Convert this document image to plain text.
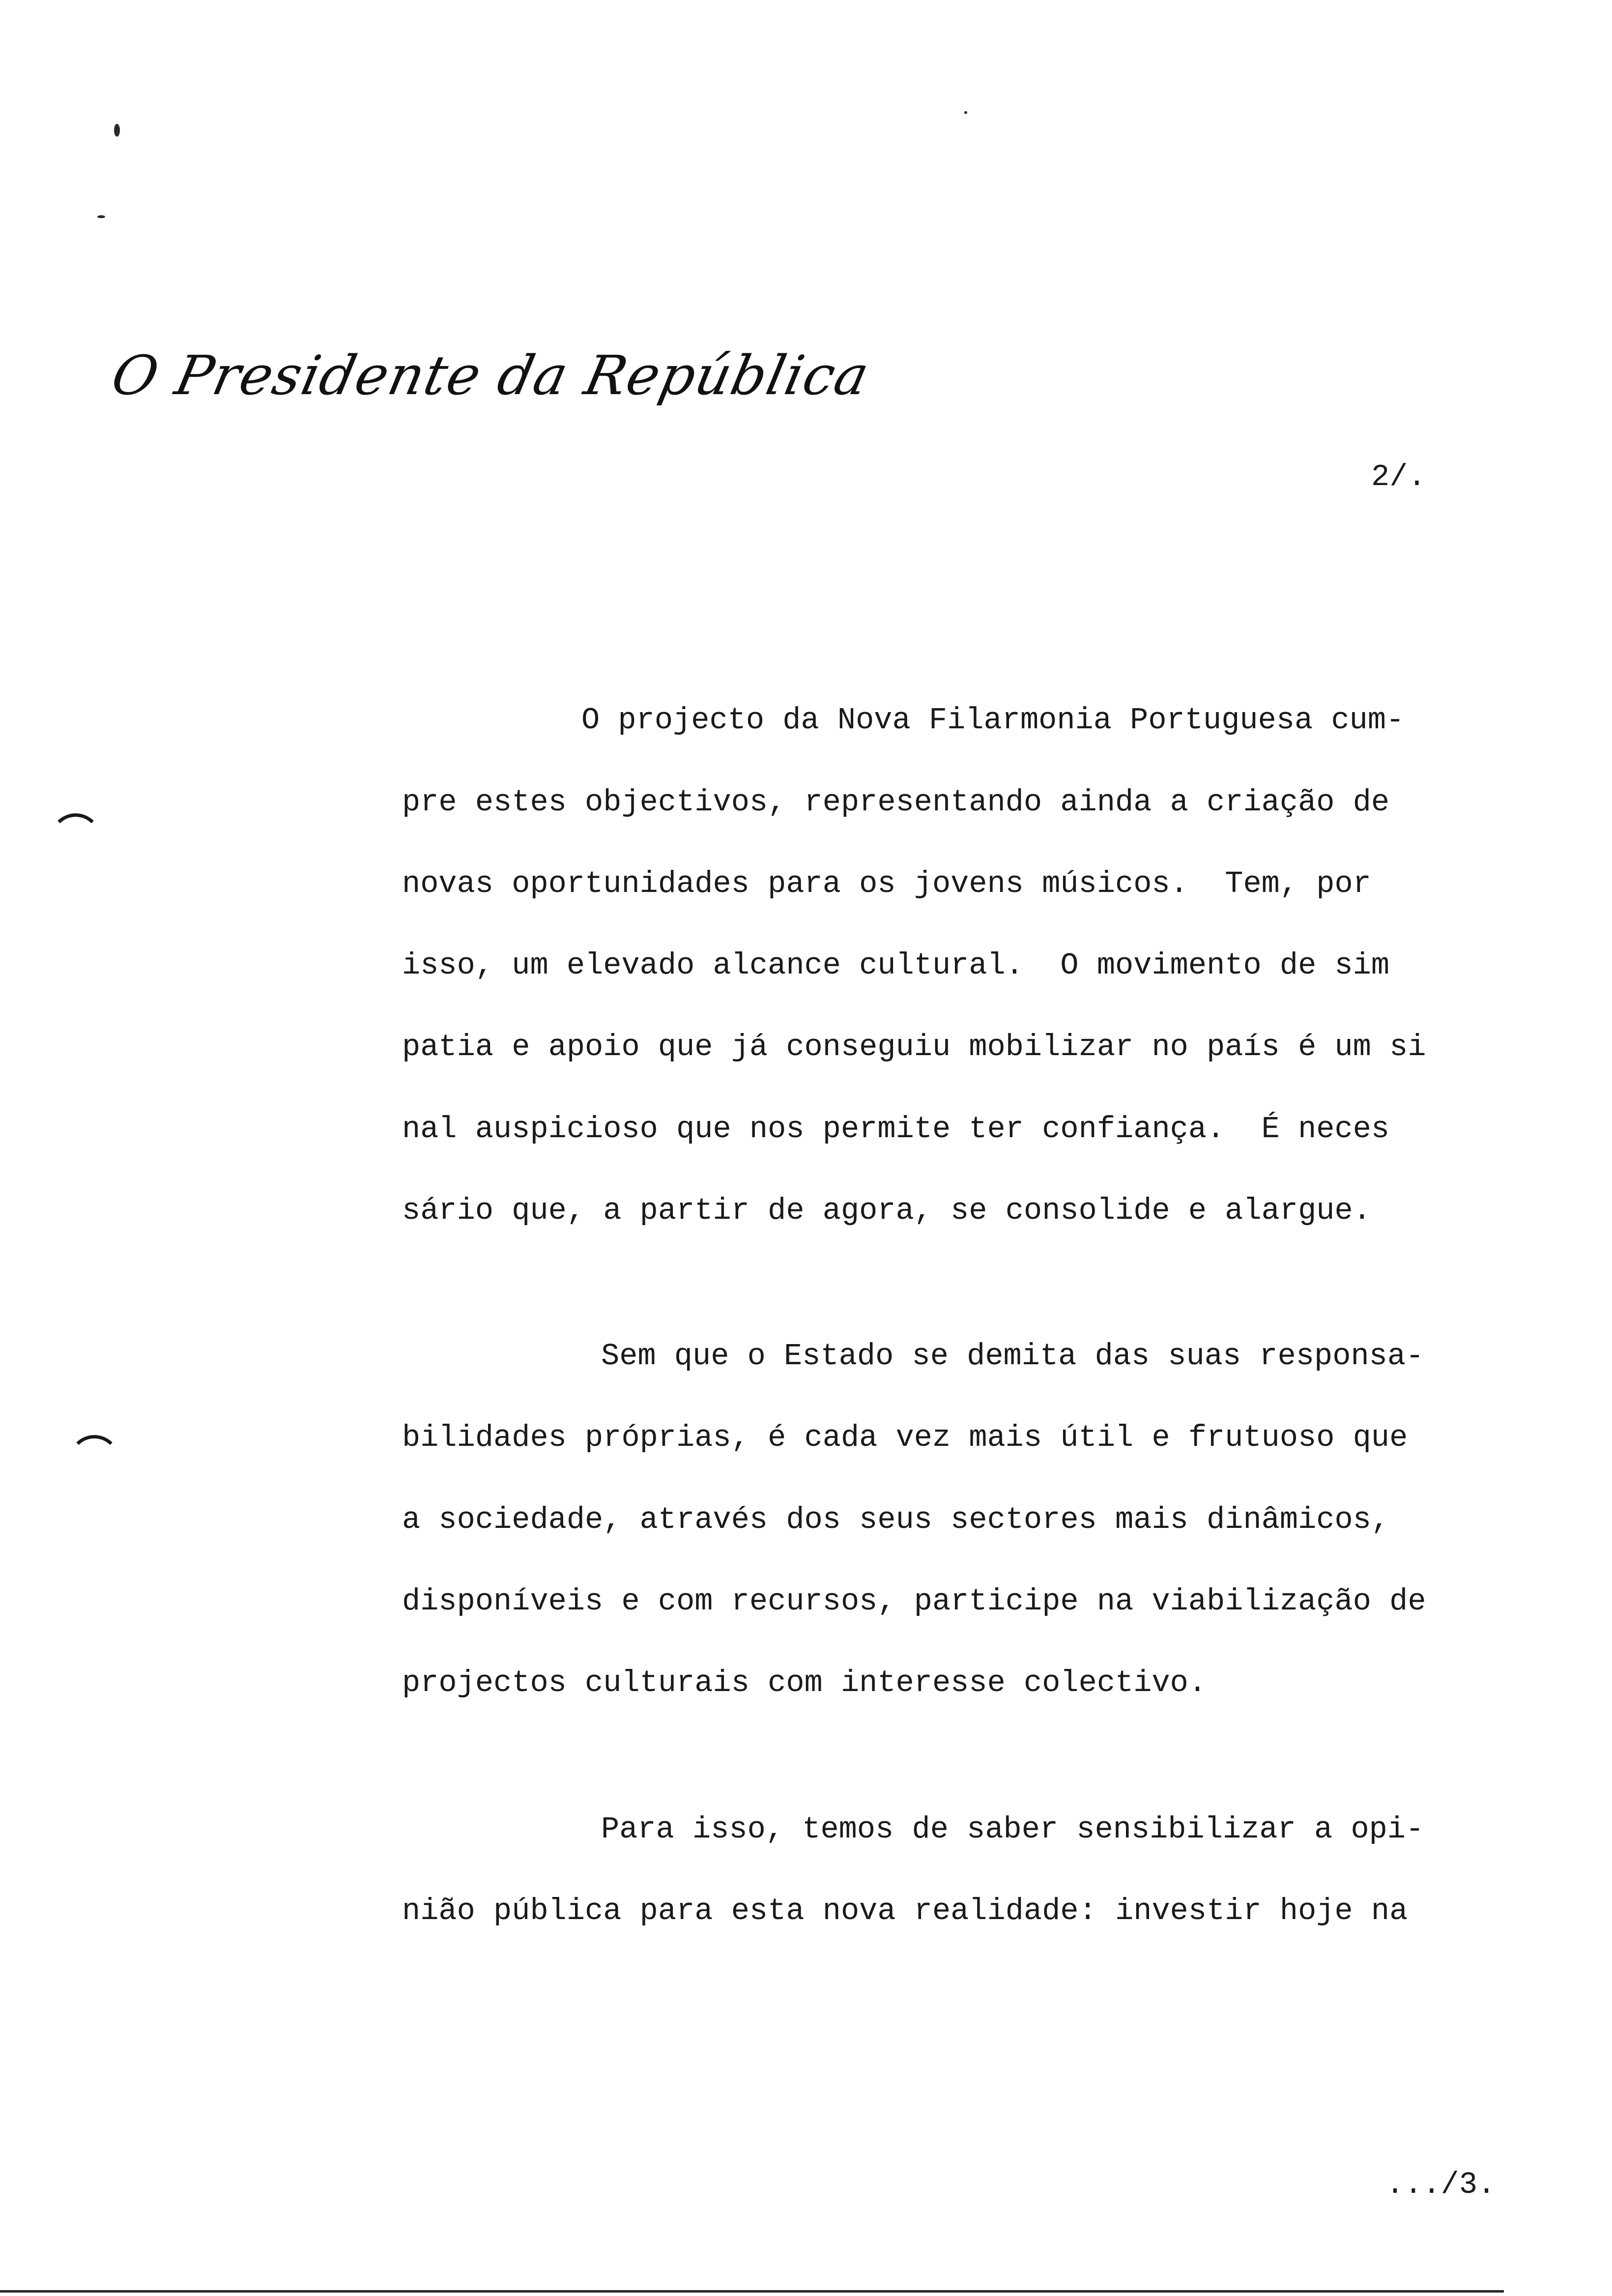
O Presidente da República
2/.
O projecto da Nova Filarmonia Portuguesa cum-
pre estes objectivos, representando ainda a criação de
novas oportunidades para os jovens músicos.  Tem, por
isso, um elevado alcance cultural.  O movimento de sim
patia e apoio que já conseguiu mobilizar no país é um si
nal auspicioso que nos permite ter confiança.  É neces
sário que, a partir de agora, se consolide e alargue.
Sem que o Estado se demita das suas responsa-
bilidades próprias, é cada vez mais útil e frutuoso que
a sociedade, através dos seus sectores mais dinâmicos,
disponíveis e com recursos, participe na viabilização de
projectos culturais com interesse colectivo.
Para isso, temos de saber sensibilizar a opi-
nião pública para esta nova realidade: investir hoje na
.../3.
